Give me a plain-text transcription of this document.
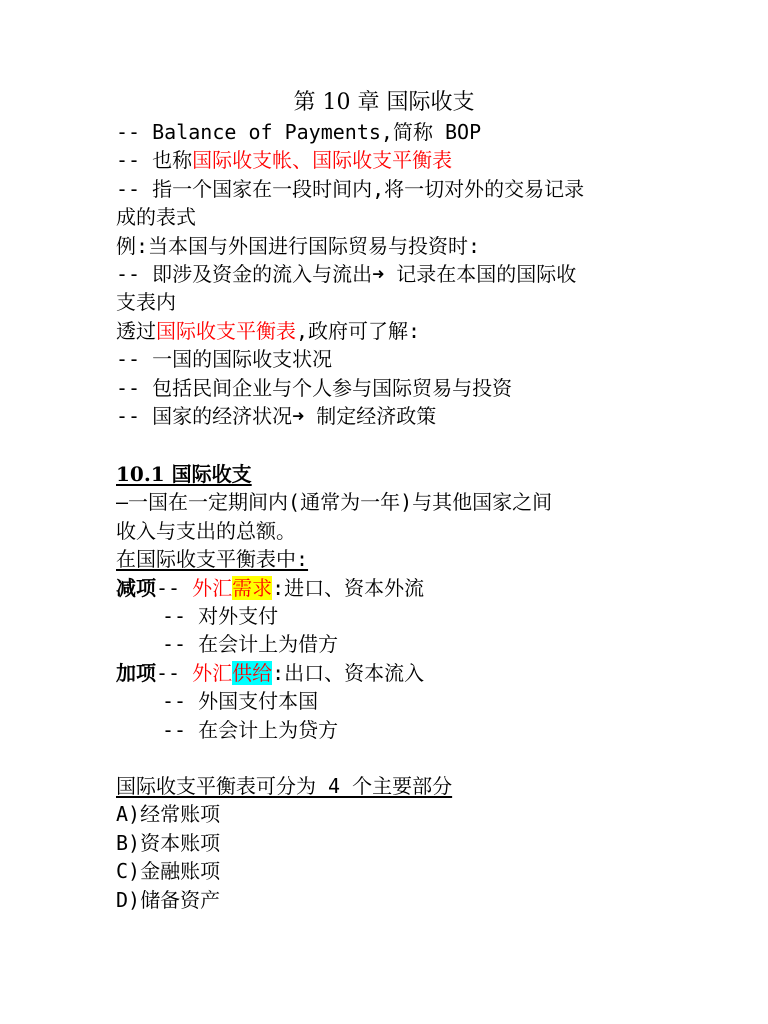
第 10 章 国际收支
-- Balance of Payments,简称 BOP
-- 也称国际收支帐、国际收支平衡表
-- 指一个国家在一段时间内,将一切对外的交易记录
成的表式
例:当本国与外国进行国际贸易与投资时:
-- 即涉及资金的流入与流出➜ 记录在本国的国际收
支表内
透过国际收支平衡表,政府可了解:
-- 一国的国际收支状况
-- 包括民间企业与个人参与国际贸易与投资
-- 国家的经济状况➜ 制定经济政策
10.1 国际收支
—一国在一定期间内(通常为一年)与其他国家之间
收入与支出的总额。
在国际收支平衡表中:
减项-- 外汇需求:进口、资本外流
-- 对外支付
-- 在会计上为借方
加项-- 外汇供给:出口、资本流入
-- 外国支付本国
-- 在会计上为贷方
国际收支平衡表可分为 4 个主要部分
A)经常账项
B)资本账项
C)金融账项
D)储备资产
